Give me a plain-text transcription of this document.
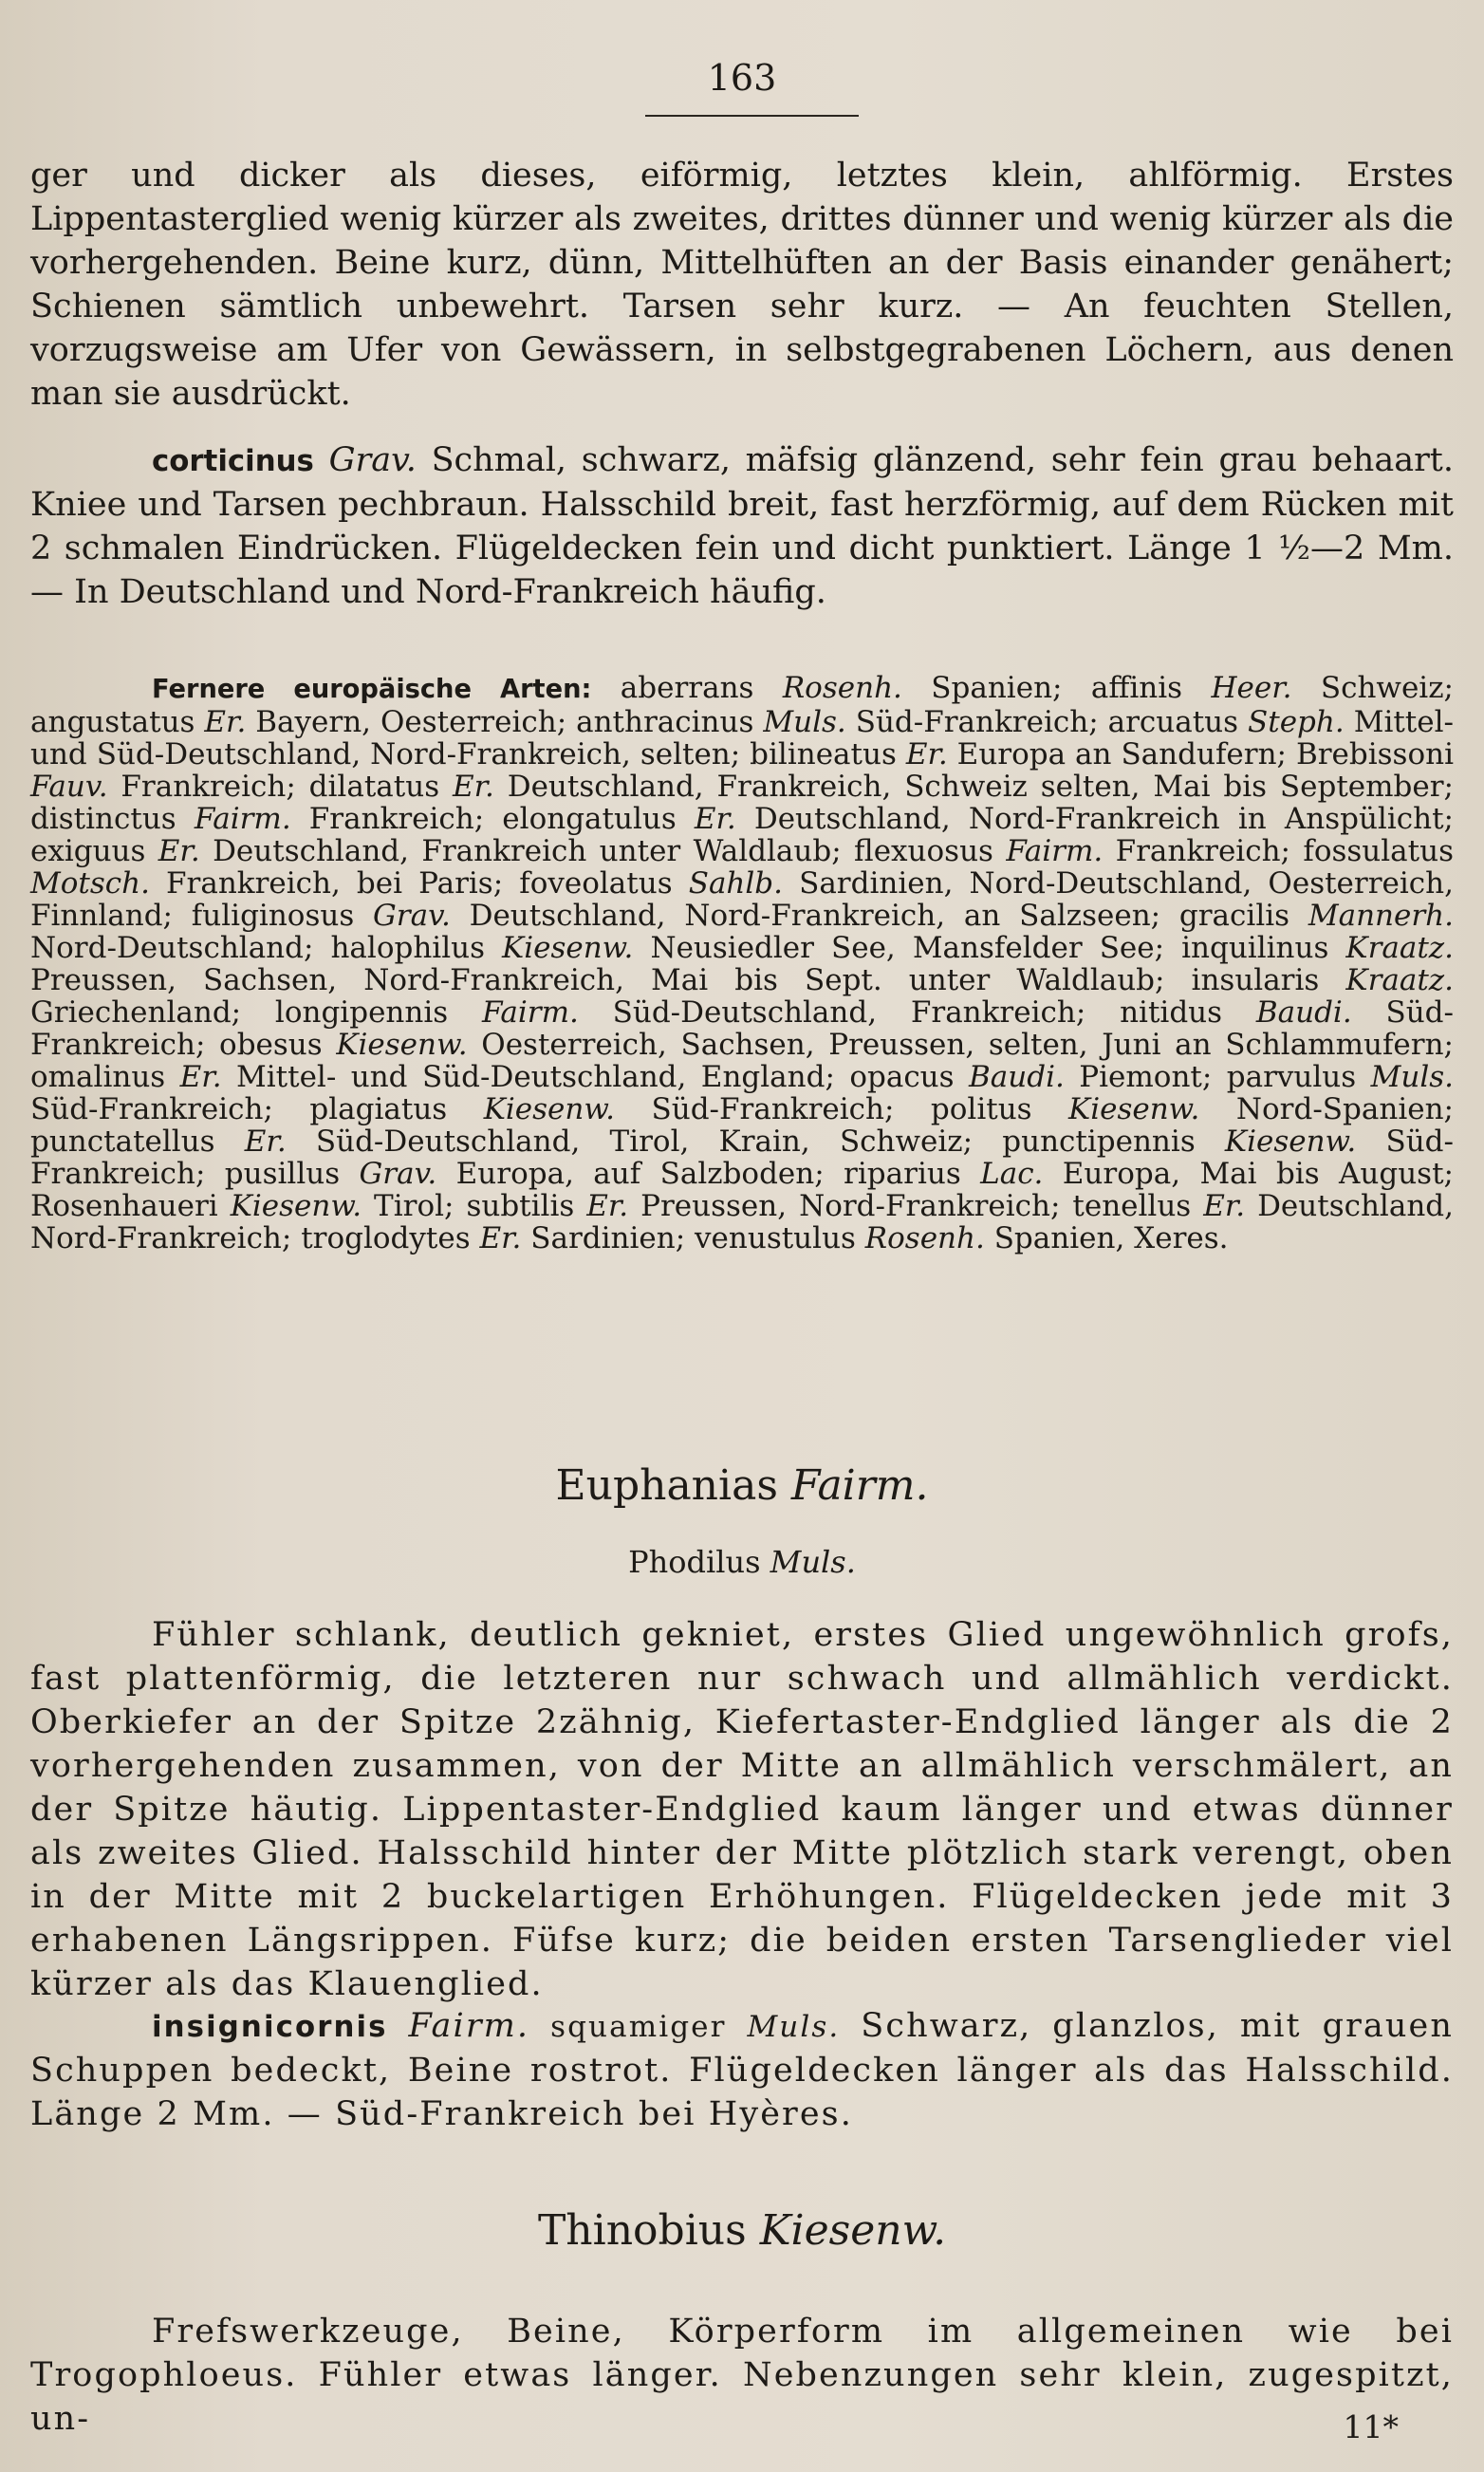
163

ger und dicker als dieses, eiförmig, letztes klein, ahlförmig. Erstes Lippentasterglied wenig kürzer als zweites, drittes dünner und wenig kürzer als die vorhergehenden. Beine kurz, dünn, Mittelhüften an der Basis einander genähert; Schienen sämtlich unbewehrt. Tarsen sehr kurz. — An feuchten Stellen, vorzugsweise am Ufer von Gewässern, in selbstgegrabenen Löchern, aus denen man sie ausdrückt.

corticinus Grav. Schmal, schwarz, mäfsig glänzend, sehr fein grau behaart. Kniee und Tarsen pechbraun. Halsschild breit, fast herzförmig, auf dem Rücken mit 2 schmalen Eindrücken. Flügeldecken fein und dicht punktiert. Länge 1 ½—2 Mm. — In Deutschland und Nord-Frankreich häufig.

Fernere europäische Arten: aberrans Rosenh. Spanien; affinis Heer. Schweiz; angustatus Er. Bayern, Oesterreich; anthracinus Muls. Süd-Frankreich; arcuatus Steph. Mittel- und Süd-Deutschland, Nord-Frankreich, selten; bilineatus Er. Europa an Sandufern; Brebissoni Fauv. Frankreich; dilatatus Er. Deutschland, Frankreich, Schweiz selten, Mai bis September; distinctus Fairm. Frankreich; elongatulus Er. Deutschland, Nord-Frankreich in Anspülicht; exiguus Er. Deutschland, Frankreich unter Waldlaub; flexuosus Fairm. Frankreich; fossulatus Motsch. Frankreich, bei Paris; foveolatus Sahlb. Sardinien, Nord-Deutschland, Oesterreich, Finnland; fuliginosus Grav. Deutschland, Nord-Frankreich, an Salzseen; gracilis Mannerh. Nord-Deutschland; halophilus Kiesenw. Neusiedler See, Mansfelder See; inquilinus Kraatz. Preussen, Sachsen, Nord-Frankreich, Mai bis Sept. unter Waldlaub; insularis Kraatz. Griechenland; longipennis Fairm. Süd-Deutschland, Frankreich; nitidus Baudi. Süd-Frankreich; obesus Kiesenw. Oesterreich, Sachsen, Preussen, selten, Juni an Schlammufern; omalinus Er. Mittel- und Süd-Deutschland, England; opacus Baudi. Piemont; parvulus Muls. Süd-Frankreich; plagiatus Kiesenw. Süd-Frankreich; politus Kiesenw. Nord-Spanien; punctatellus Er. Süd-Deutschland, Tirol, Krain, Schweiz; punctipennis Kiesenw. Süd-Frankreich; pusillus Grav. Europa, auf Salzboden; riparius Lac. Europa, Mai bis August; Rosenhaueri Kiesenw. Tirol; subtilis Er. Preussen, Nord-Frankreich; tenellus Er. Deutschland, Nord-Frankreich; troglodytes Er. Sardinien; venustulus Rosenh. Spanien, Xeres.

Euphanias Fairm.
Phodilus Muls.

Fühler schlank, deutlich gekniet, erstes Glied ungewöhnlich grofs, fast plattenförmig, die letzteren nur schwach und allmählich verdickt. Oberkiefer an der Spitze 2zähnig, Kiefertaster-Endglied länger als die 2 vorhergehenden zusammen, von der Mitte an allmählich verschmälert, an der Spitze häutig. Lippentaster-Endglied kaum länger und etwas dünner als zweites Glied. Halsschild hinter der Mitte plötzlich stark verengt, oben in der Mitte mit 2 buckelartigen Erhöhungen. Flügeldecken jede mit 3 erhabenen Längsrippen. Füfse kurz; die beiden ersten Tarsenglieder viel kürzer als das Klauenglied.

insignicornis Fairm. squamiger Muls. Schwarz, glanzlos, mit grauen Schuppen bedeckt, Beine rostrot. Flügeldecken länger als das Halsschild. Länge 2 Mm. — Süd-Frankreich bei Hyères.

Thinobius Kiesenw.

Frefswerkzeuge, Beine, Körperform im allgemeinen wie bei Trogophloeus. Fühler etwas länger. Nebenzungen sehr klein, zugespitzt, un-	11*
